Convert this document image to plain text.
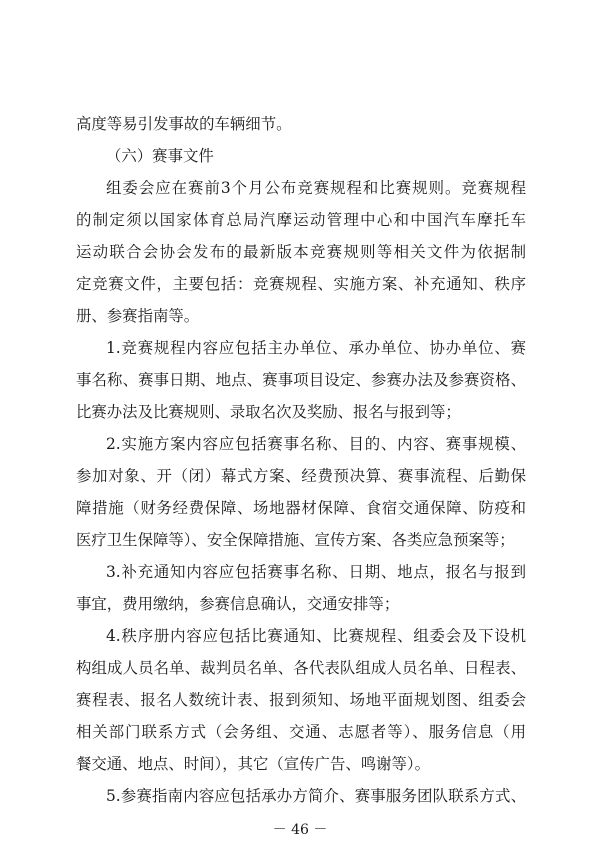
高度等易引发事故的车辆细节。
（六）赛事文件
组委会应在赛前3个月公布竞赛规程和比赛规则。竞赛规程
的制定须以国家体育总局汽摩运动管理中心和中国汽车摩托车
运动联合会协会发布的最新版本竞赛规则等相关文件为依据制
定竞赛文件，主要包括：竞赛规程、实施方案、补充通知、秩序
册、参赛指南等。
1.竞赛规程内容应包括主办单位、承办单位、协办单位、赛
事名称、赛事日期、地点、赛事项目设定、参赛办法及参赛资格、
比赛办法及比赛规则、录取名次及奖励、报名与报到等；
2.实施方案内容应包括赛事名称、目的、内容、赛事规模、
参加对象、开（闭）幕式方案、经费预决算、赛事流程、后勤保
障措施（财务经费保障、场地器材保障、食宿交通保障、防疫和
医疗卫生保障等）、安全保障措施、宣传方案、各类应急预案等；
3.补充通知内容应包括赛事名称、日期、地点，报名与报到
事宜，费用缴纳，参赛信息确认，交通安排等；
4.秩序册内容应包括比赛通知、比赛规程、组委会及下设机
构组成人员名单、裁判员名单、各代表队组成人员名单、日程表、
赛程表、报名人数统计表、报到须知、场地平面规划图、组委会
相关部门联系方式（会务组、交通、志愿者等）、服务信息（用
餐交通、地点、时间），其它（宣传广告、鸣谢等）。
5.参赛指南内容应包括承办方简介、赛事服务团队联系方式、
－ 46 －
